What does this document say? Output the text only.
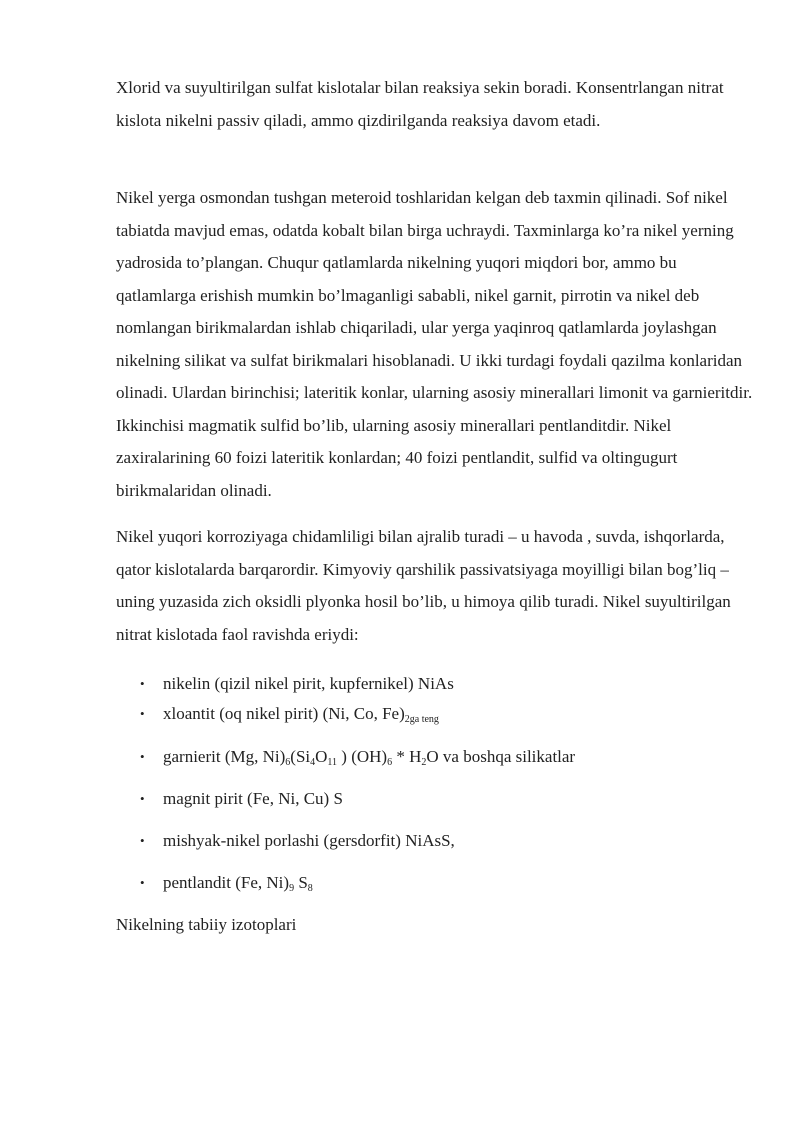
Xlorid va suyultirilgan sulfat kislotalar bilan reaksiya sekin boradi. Konsentrlangan nitrat kislota nikelni passiv qiladi, ammo qizdirilganda reaksiya davom etadi.

Nikel yerga osmondan tushgan meteroid toshlaridan kelgan deb taxmin qilinadi. Sof nikel tabiatda mavjud emas, odatda kobalt bilan birga uchraydi. Taxminlarga ko’ra nikel yerning yadrosida to’plangan. Chuqur qatlamlarda nikelning yuqori miqdori bor, ammo bu qatlamlarga erishish mumkin bo’lmaganligi sababli, nikel garnit, pirrotin va nikel deb nomlangan birikmalardan ishlab chiqariladi, ular yerga yaqinroq qatlamlarda joylashgan nikelning silikat va sulfat birikmalari hisoblanadi. U ikki turdagi foydali qazilma konlaridan olinadi. Ulardan birinchisi; lateritik konlar, ularning asosiy minerallari limonit va garnieritdir. Ikkinchisi magmatik sulfid bo’lib, ularning asosiy minerallari pentlanditdir. Nikel zaxiralarining 60 foizi lateritik konlardan; 40 foizi pentlandit, sulfid va oltingugurt birikmalaridan olinadi.

Nikel yuqori korroziyaga chidamliligi bilan ajralib turadi – u havoda , suvda, ishqorlarda, qator kislotalarda barqarordir. Kimyoviy qarshilik passivatsiyaga moyilligi bilan bog’liq – uning yuzasida zich oksidli plyonka hosil bo’lib, u himoya qilib turadi. Nikel suyultirilgan nitrat kislotada faol ravishda eriydi:

• nikelin (qizil nikel pirit, kupfernikel) NiAs
• xloantit (oq nikel pirit) (Ni, Co, $Fe)_{2ga teng}$
• garnierit (Mg, $Ni)_6(Si_4O_{11}$ ) $(OH)_6 * H_2O$ va boshqa silikatlar
• magnit pirit (Fe, Ni, Cu) S
• mishyak-nikel porlashi (gersdorfit) NiAsS,
• pentlandit (Fe, $Ni)_9$ $S_8$
Nikelning tabiiy izotoplari
